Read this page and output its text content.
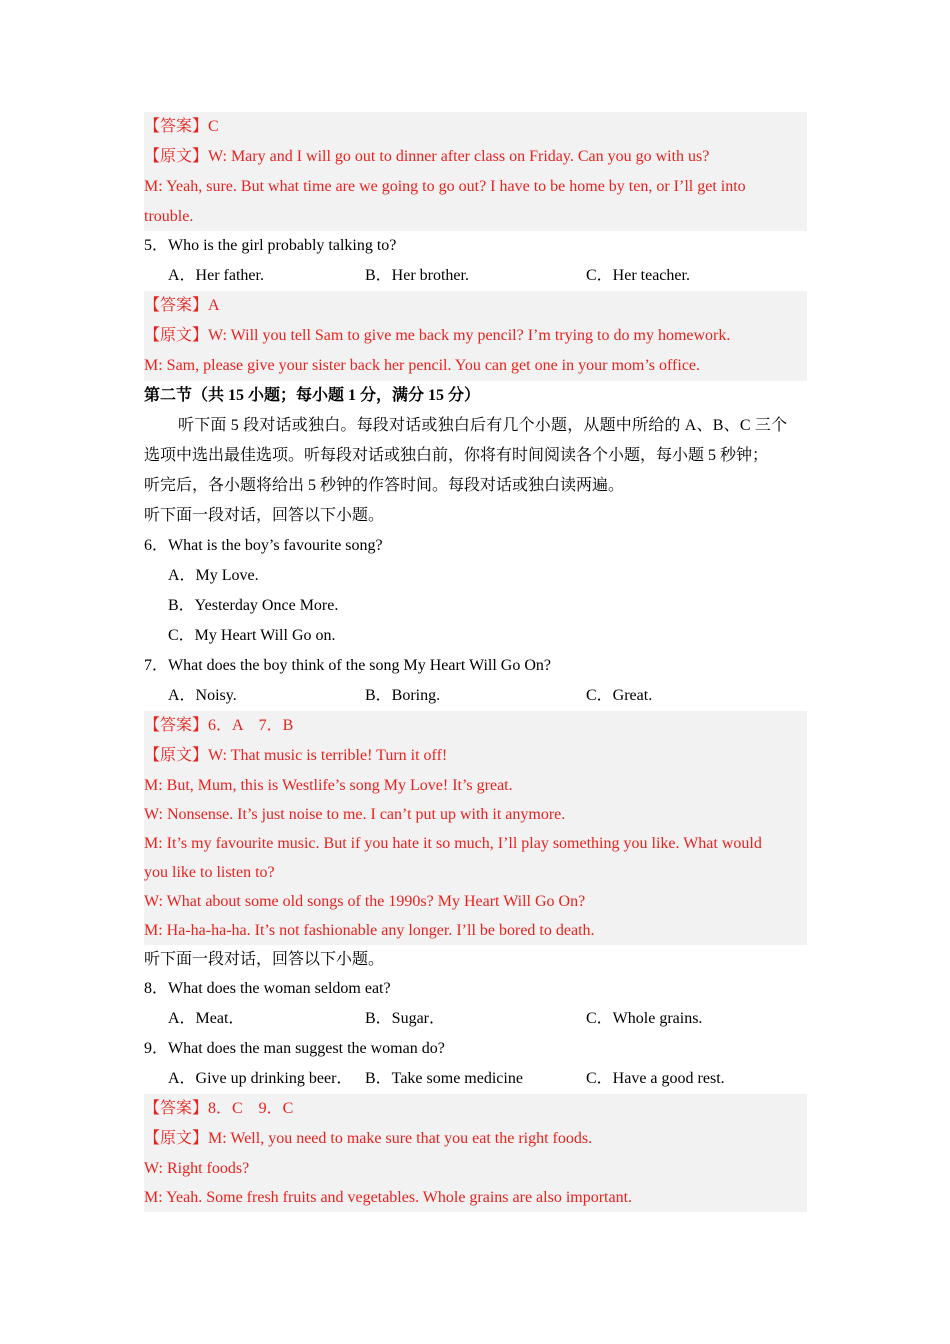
【答案】C
【原文】W: Mary and I will go out to dinner after class on Friday. Can you go with us?
M: Yeah, sure. But what time are we going to go out? I have to be home by ten, or I’ll get into
trouble.
5．Who is the girl probably talking to?
A．Her father.	B．Her brother.	C．Her teacher.
【答案】A
【原文】W: Will you tell Sam to give me back my pencil? I’m trying to do my homework.
M: Sam, please give your sister back her pencil. You can get one in your mom’s office.
第二节（共 15 小题；每小题 1 分，满分 15 分）
听下面 5 段对话或独白。每段对话或独白后有几个小题，从题中所给的 A、B、C 三个
选项中选出最佳选项。听每段对话或独白前，你将有时间阅读各个小题，每小题 5 秒钟；
听完后，各小题将给出 5 秒钟的作答时间。每段对话或独白读两遍。
听下面一段对话，回答以下小题。
6．What is the boy’s favourite song?
A．My Love.
B．Yesterday Once More.
C．My Heart Will Go on.
7．What does the boy think of the song My Heart Will Go On?
A．Noisy.	B．Boring.	C．Great.
【答案】6．A　7．B
【原文】W: That music is terrible! Turn it off!
M: But, Mum, this is Westlife’s song My Love! It’s great.
W: Nonsense. It’s just noise to me. I can’t put up with it anymore.
M: It’s my favourite music. But if you hate it so much, I’ll play something you like. What would
you like to listen to?
W: What about some old songs of the 1990s? My Heart Will Go On?
M: Ha-ha-ha-ha. It’s not fashionable any longer. I’ll be bored to death.
听下面一段对话，回答以下小题。
8．What does the woman seldom eat?
A．Meat．	B．Sugar．	C．Whole grains.
9．What does the man suggest the woman do?
A．Give up drinking beer． B．Take some medicine	C．Have a good rest.
【答案】8．C　9．C
【原文】M: Well, you need to make sure that you eat the right foods.
W: Right foods?
M: Yeah. Some fresh fruits and vegetables. Whole grains are also important.
